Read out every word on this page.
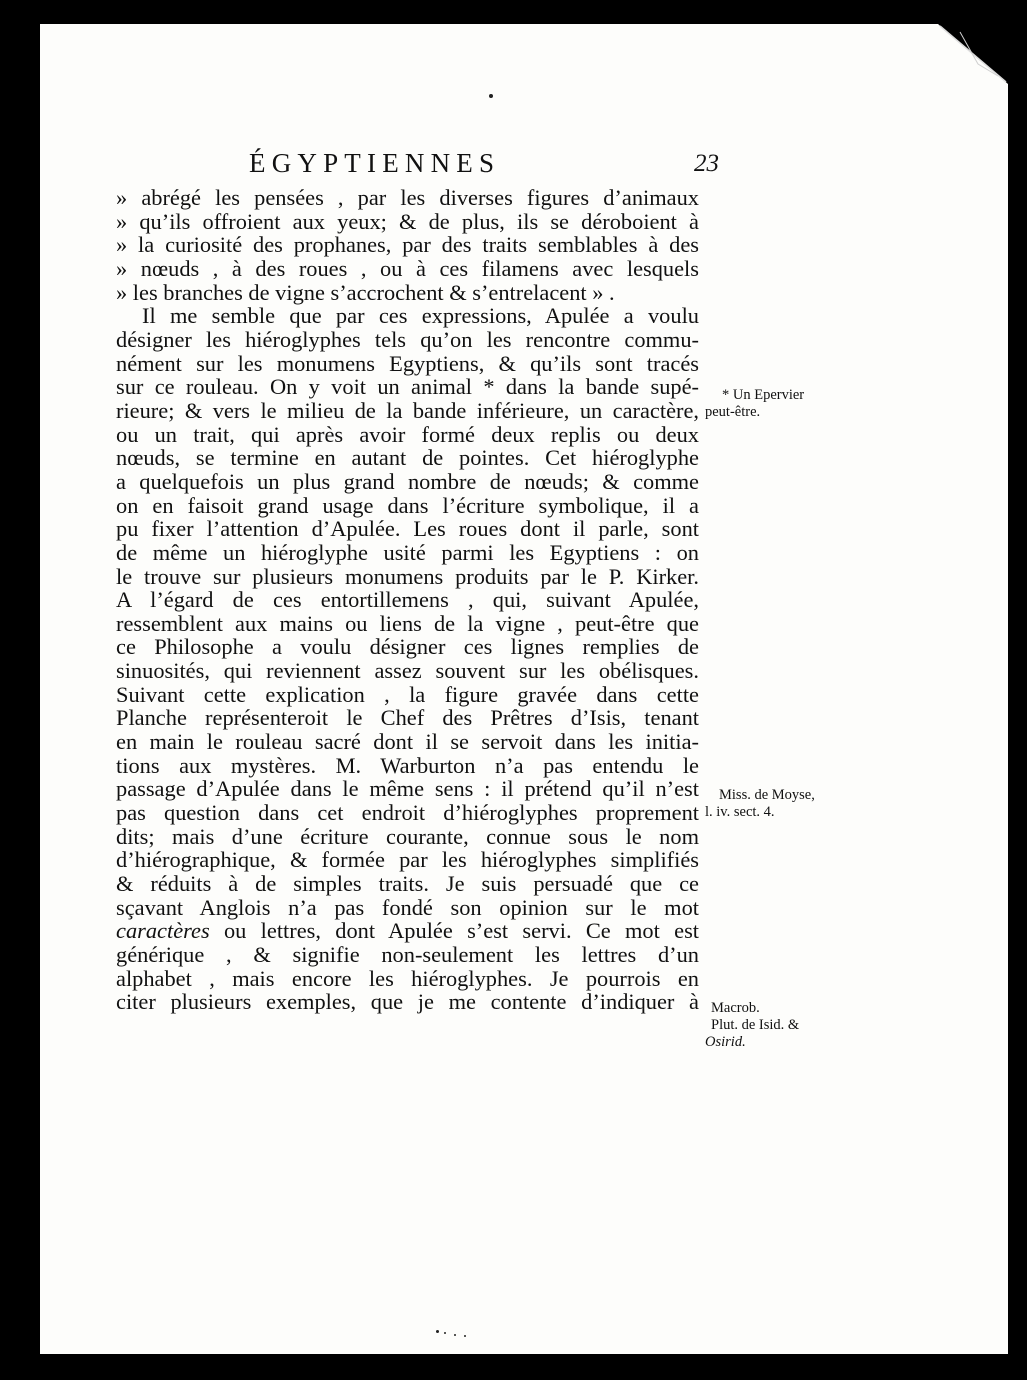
ÉGYPTIENNES	23
» abrégé les pensées , par les diverses figures d’animaux
» qu’ils offroient aux yeux; & de plus, ils se déroboient à
» la curiosité des prophanes, par des traits semblables à des
» nœuds , à des roues , ou à ces filamens avec lesquels
» les branches de vigne s’accrochent & s’entrelacent » .
Il me semble que par ces expressions, Apulée a voulu
désigner les hiéroglyphes tels qu’on les rencontre commu-
nément sur les monumens Egyptiens, & qu’ils sont tracés
sur ce rouleau. On y voit un animal * dans la bande supé-
rieure; & vers le milieu de la bande inférieure, un caractère,
ou un trait, qui après avoir formé deux replis ou deux
nœuds, se termine en autant de pointes. Cet hiéroglyphe
a quelquefois un plus grand nombre de nœuds; & comme
on en faisoit grand usage dans l’écriture symbolique, il a
pu fixer l’attention d’Apulée. Les roues dont il parle, sont
de même un hiéroglyphe usité parmi les Egyptiens : on
le trouve sur plusieurs monumens produits par le P. Kirker.
A l’égard de ces entortillemens , qui, suivant Apulée,
ressemblent aux mains ou liens de la vigne , peut-être que
ce Philosophe a voulu désigner ces lignes remplies de
sinuosités, qui reviennent assez souvent sur les obélisques.
Suivant cette explication , la figure gravée dans cette
Planche représenteroit le Chef des Prêtres d’Isis, tenant
en main le rouleau sacré dont il se servoit dans les initia-
tions aux mystères. M. Warburton n’a pas entendu le
passage d’Apulée dans le même sens : il prétend qu’il n’est
pas question dans cet endroit d’hiéroglyphes proprement
dits; mais d’une écriture courante, connue sous le nom
d’hiérographique, & formée par les hiéroglyphes simplifiés
& réduits à de simples traits. Je suis persuadé que ce
sçavant Anglois n’a pas fondé son opinion sur le mot
caractères ou lettres, dont Apulée s’est servi. Ce mot est
générique , & signifie non-seulement les lettres d’un
alphabet , mais encore les hiéroglyphes. Je pourrois en
citer plusieurs exemples, que je me contente d’indiquer à
* Un Epervier
peut-être.
Miss. de Moyse,
l. iv. sect. 4.
Macrob.
Plut. de Isid. &
Osirid.
